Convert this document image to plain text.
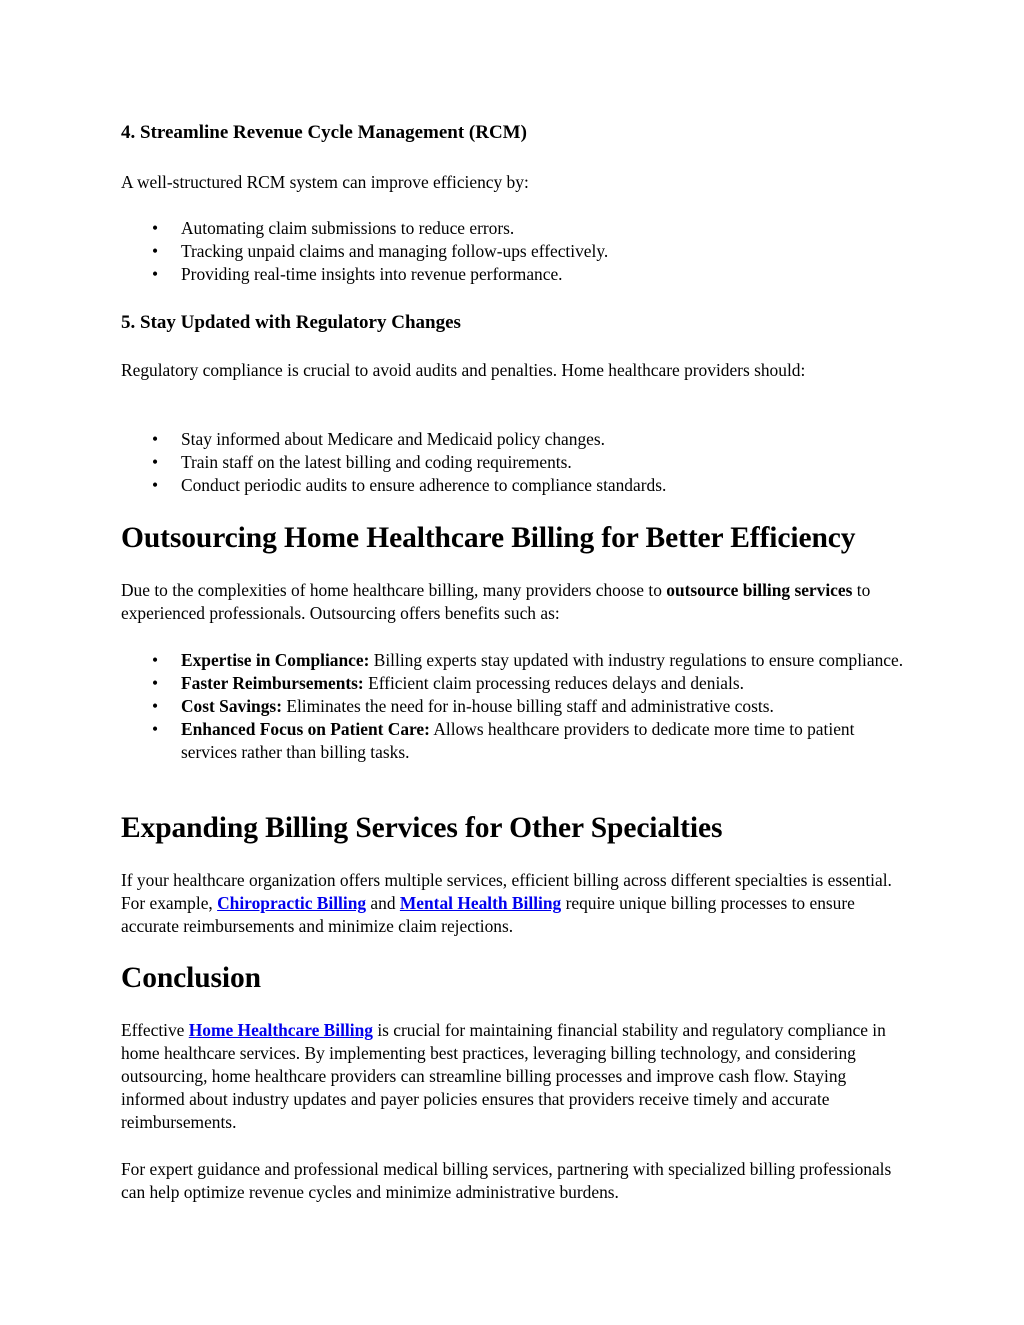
4. Streamline Revenue Cycle Management (RCM)

A well-structured RCM system can improve efficiency by:

• Automating claim submissions to reduce errors.
• Tracking unpaid claims and managing follow-ups effectively.
• Providing real-time insights into revenue performance.
5. Stay Updated with Regulatory Changes

Regulatory compliance is crucial to avoid audits and penalties. Home healthcare providers should:

• Stay informed about Medicare and Medicaid policy changes.
• Train staff on the latest billing and coding requirements.
• Conduct periodic audits to ensure adherence to compliance standards.
Outsourcing Home Healthcare Billing for Better Efficiency

Due to the complexities of home healthcare billing, many providers choose to outsource billing services to experienced professionals. Outsourcing offers benefits such as:

• Expertise in Compliance: Billing experts stay updated with industry regulations to ensure compliance.
• Faster Reimbursements: Efficient claim processing reduces delays and denials.
• Cost Savings: Eliminates the need for in-house billing staff and administrative costs.
• Enhanced Focus on Patient Care: Allows healthcare providers to dedicate more time to patient services rather than billing tasks.
Expanding Billing Services for Other Specialties

If your healthcare organization offers multiple services, efficient billing across different specialties is essential. For example, Chiropractic Billing and Mental Health Billing require unique billing processes to ensure accurate reimbursements and minimize claim rejections.

Conclusion

Effective Home Healthcare Billing is crucial for maintaining financial stability and regulatory compliance in home healthcare services. By implementing best practices, leveraging billing technology, and considering outsourcing, home healthcare providers can streamline billing processes and improve cash flow. Staying informed about industry updates and payer policies ensures that providers receive timely and accurate reimbursements.

For expert guidance and professional medical billing services, partnering with specialized billing professionals can help optimize revenue cycles and minimize administrative burdens.
